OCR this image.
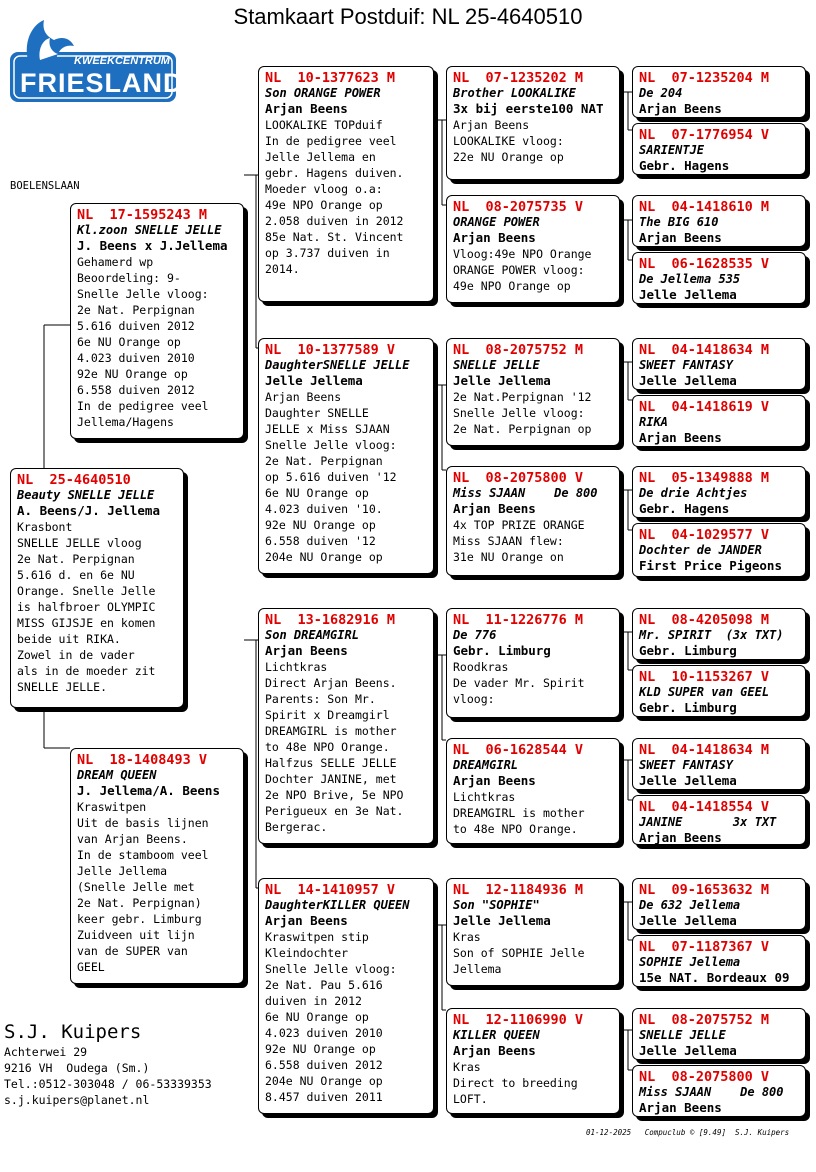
Stamkaart Postduif: NL 25-4640510
KWEEKCENTRUM
FRIESLAND
BOELENSLAAN
NL  25-4640510
Beauty SNELLE JELLE
A. Beens/J. Jellema
Krasbont
SNELLE JELLE vloog
2e Nat. Perpignan
5.616 d. en 6e NU
Orange. Snelle Jelle
is halfbroer OLYMPIC
MISS GIJSJE en komen
beide uit RIKA.
Zowel in de vader
als in de moeder zit
SNELLE JELLE.
NL  17-1595243 M
Kl.zoon SNELLE JELLE
J. Beens x J.Jellema
Gehamerd wp
Beoordeling: 9-
Snelle Jelle vloog:
2e Nat. Perpignan
5.616 duiven 2012
6e NU Orange op
4.023 duiven 2010
92e NU Orange op
6.558 duiven 2012
In de pedigree veel
Jellema/Hagens
NL  18-1408493 V
DREAM QUEEN
J. Jellema/A. Beens
Kraswitpen
Uit de basis lijnen
van Arjan Beens.
In de stamboom veel
Jelle Jellema
(Snelle Jelle met
2e Nat. Perpignan)
keer gebr. Limburg
Zuidveen uit lijn
van de SUPER van
GEEL
NL  10-1377623 M
Son ORANGE POWER
Arjan Beens
LOOKALIKE TOPduif
In de pedigree veel
Jelle Jellema en
gebr. Hagens duiven.
Moeder vloog o.a:
49e NPO Orange op
2.058 duiven in 2012
85e Nat. St. Vincent
op 3.737 duiven in
2014.
NL  10-1377589 V
DaughterSNELLE JELLE
Jelle Jellema
Arjan Beens
Daughter SNELLE
JELLE x Miss SJAAN
Snelle Jelle vloog:
2e Nat. Perpignan
op 5.616 duiven '12
6e NU Orange op
4.023 duiven '10.
92e NU Orange op
6.558 duiven '12
204e NU Orange op
NL  13-1682916 M
Son DREAMGIRL
Arjan Beens
Lichtkras
Direct Arjan Beens.
Parents: Son Mr.
Spirit x Dreamgirl
DREAMGIRL is mother
to 48e NPO Orange.
Halfzus SELLE JELLE
Dochter JANINE, met
2e NPO Brive, 5e NPO
Perigueux en 3e Nat.
Bergerac.
NL  14-1410957 V
DaughterKILLER QUEEN
Arjan Beens
Kraswitpen stip
Kleindochter
Snelle Jelle vloog:
2e Nat. Pau 5.616
duiven in 2012
6e NU Orange op
4.023 duiven 2010
92e NU Orange op
6.558 duiven 2012
204e NU Orange op
8.457 duiven 2011
NL  07-1235202 M
Brother LOOKALIKE
3x bij eerste100 NAT
Arjan Beens
LOOKALIKE vloog:
22e NU Orange op
NL  08-2075735 V
ORANGE POWER
Arjan Beens
Vloog:49e NPO Orange
ORANGE POWER vloog:
49e NPO Orange op
NL  08-2075752 M
SNELLE JELLE
Jelle Jellema
2e Nat.Perpignan '12
Snelle Jelle vloog:
2e Nat. Perpignan op
NL  08-2075800 V
Miss SJAAN    De 800
Arjan Beens
4x TOP PRIZE ORANGE
Miss SJAAN flew:
31e NU Orange on
NL  11-1226776 M
De 776
Gebr. Limburg
Roodkras
De vader Mr. Spirit
vloog:
NL  06-1628544 V
DREAMGIRL
Arjan Beens
Lichtkras
DREAMGIRL is mother
to 48e NPO Orange.
NL  12-1184936 M
Son "SOPHIE"
Jelle Jellema
Kras
Son of SOPHIE Jelle
Jellema
NL  12-1106990 V
KILLER QUEEN
Arjan Beens
Kras
Direct to breeding
LOFT.
NL  07-1235204 M
De 204
Arjan Beens
NL  07-1776954 V
SARIENTJE
Gebr. Hagens
NL  04-1418610 M
The BIG 610
Arjan Beens
NL  06-1628535 V
De Jellema 535
Jelle Jellema
NL  04-1418634 M
SWEET FANTASY
Jelle Jellema
NL  04-1418619 V
RIKA
Arjan Beens
NL  05-1349888 M
De drie Achtjes
Gebr. Hagens
NL  04-1029577 V
Dochter de JANDER
First Price Pigeons
NL  08-4205098 M
Mr. SPIRIT  (3x TXT)
Gebr. Limburg
NL  10-1153267 V
KLD SUPER van GEEL
Gebr. Limburg
NL  04-1418634 M
SWEET FANTASY
Jelle Jellema
NL  04-1418554 V
JANINE       3x TXT
Arjan Beens
NL  09-1653632 M
De 632 Jellema
Jelle Jellema
NL  07-1187367 V
SOPHIE Jellema
15e NAT. Bordeaux 09
NL  08-2075752 M
SNELLE JELLE
Jelle Jellema
NL  08-2075800 V
Miss SJAAN    De 800
Arjan Beens
S.J. Kuipers
Achterwei 29
9216 VH  Oudega (Sm.)
Tel.:0512-303048 / 06-53339353
s.j.kuipers@planet.nl
01-12-2025   Compuclub © [9.49]  S.J. Kuipers
